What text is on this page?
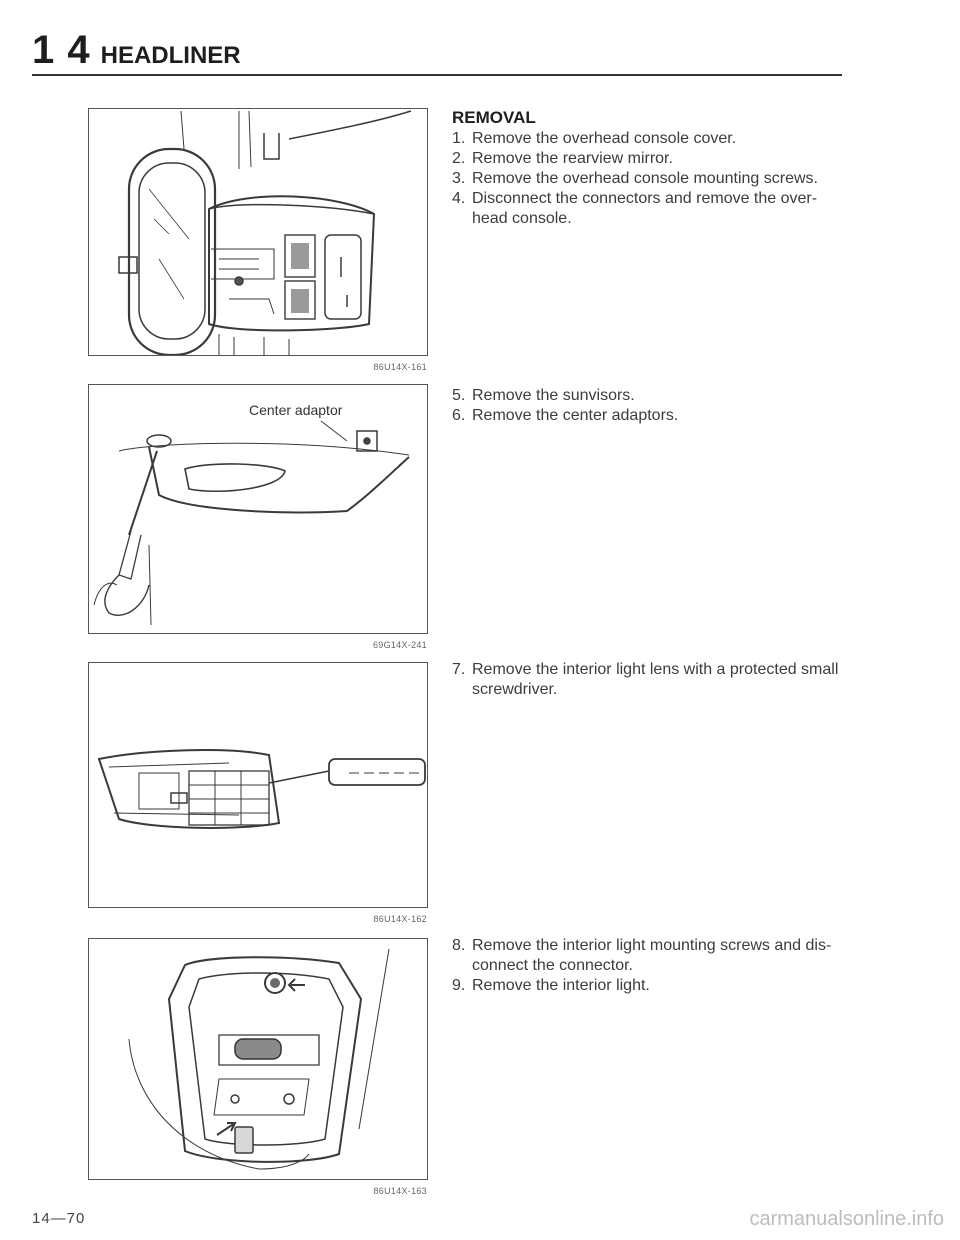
1 4 HEADLINER
86U14X-161
Center adaptor
69G14X-241
86U14X-162
86U14X-163
REMOVAL
1. Remove the overhead console cover.
2. Remove the rearview mirror.
3. Remove the overhead console mounting screws.
4. Disconnect the connectors and remove the over-head console.
5. Remove the sunvisors.
6. Remove the center adaptors.
7. Remove the interior light lens with a protected small screwdriver.
8. Remove the interior light mounting screws and dis-connect the connector.
9. Remove the interior light.
14—70	carmanualsonline.info
